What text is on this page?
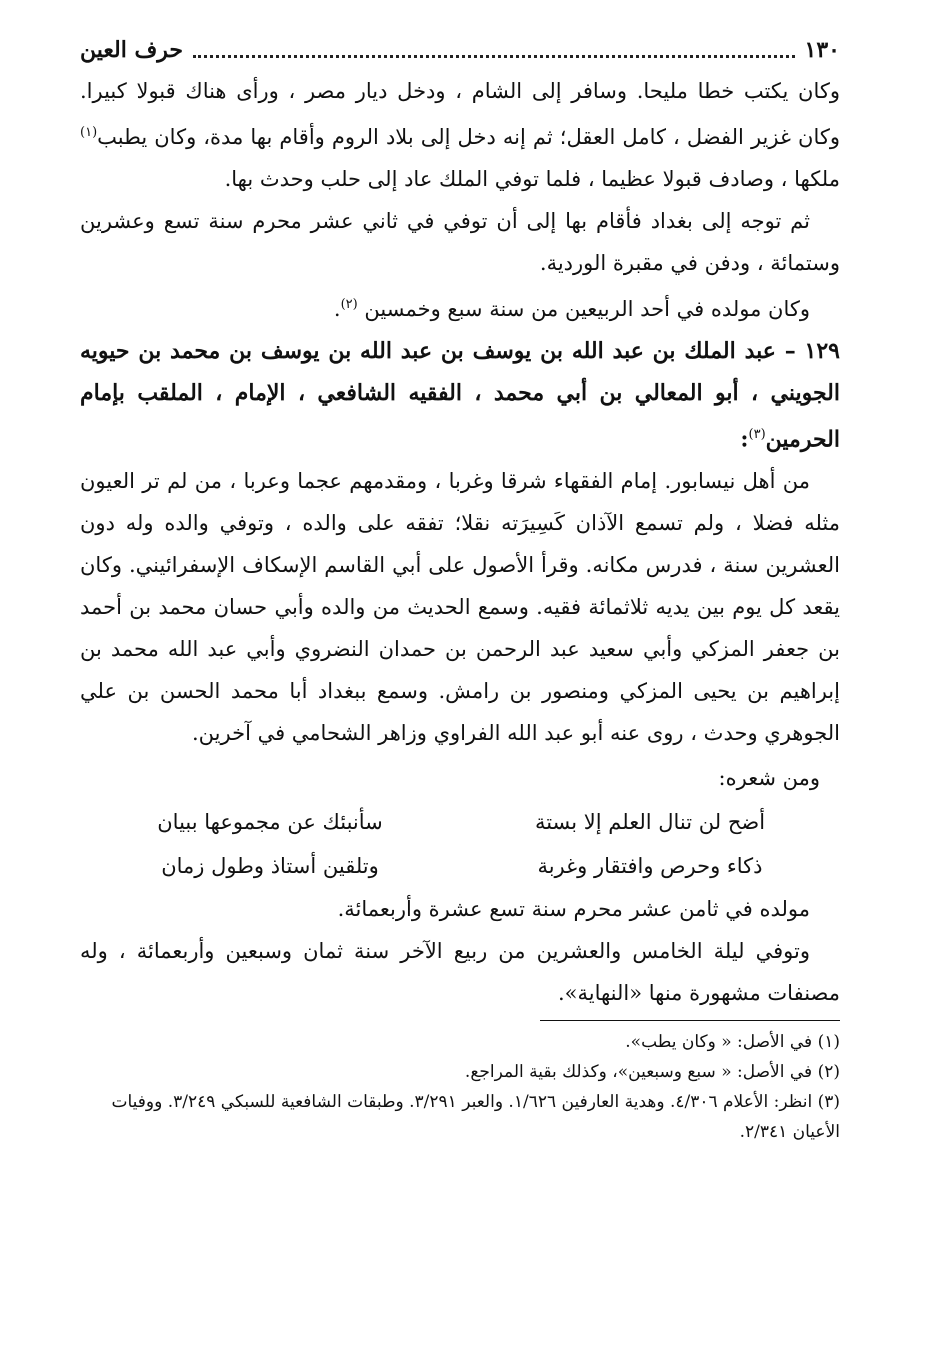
١٣٠
حرف العين

وكان يكتب خطا مليحا. وسافر إلى الشام ، ودخل ديار مصر ، ورأى هناك قبولا كبيرا. وكان غزير الفضل ، كامل العقل؛ ثم إنه دخل إلى بلاد الروم وأقام بها مدة، وكان يطبب$^{(١)}$ ملكها ، وصادف قبولا عظيما ، فلما توفي الملك عاد إلى حلب وحدث بها.

ثم توجه إلى بغداد فأقام بها إلى أن توفي في ثاني عشر محرم سنة تسع وعشرين وستمائة ، ودفن في مقبرة الوردية.

وكان مولده في أحد الربيعين من سنة سبع وخمسين $^{(٢)}$.

١٢٩ – عبد الملك بن عبد الله بن يوسف بن عبد الله بن يوسف بن محمد بن حيويه الجويني ، أبو المعالي بن أبي محمد ، الفقيه الشافعي ، الإمام ، الملقب بإمام الحرمين$^{(٣)}$:

من أهل نيسابور. إمام الفقهاء شرقا وغربا ، ومقدمهم عجما وعربا ، من لم تر العيون مثله فضلا ، ولم تسمع الآذان كَسِيرَته نقلا؛ تفقه على والده ، وتوفي والده وله دون العشرين سنة ، فدرس مكانه. وقرأ الأصول على أبي القاسم الإسكاف الإسفرائيني. وكان يقعد كل يوم بين يديه ثلاثمائة فقيه. وسمع الحديث من والده وأبي حسان محمد بن أحمد بن جعفر المزكي وأبي سعيد عبد الرحمن بن حمدان النضروي وأبي عبد الله محمد بن إبراهيم بن يحيى المزكي ومنصور بن رامش. وسمع ببغداد أبا محمد الحسن بن علي الجوهري وحدث ، روى عنه أبو عبد الله الفراوي وزاهر الشحامي في آخرين.

ومن شعره:
أضح لن تنال العلم إلا بستة
سأنبئك عن مجموعها ببيان
ذكاء وحرص وافتقار وغربة
وتلقين أستاذ وطول زمان

مولده في ثامن عشر محرم سنة تسع عشرة وأربعمائة.

وتوفي ليلة الخامس والعشرين من ربيع الآخر سنة ثمان وسبعين وأربعمائة ، وله مصنفات مشهورة منها «النهاية».

(١) في الأصل: « وكان يطب».

(٢) في الأصل: « سبع وسبعين»، وكذلك بقية المراجع.

(٣) انظر: الأعلام ٤/٣٠٦. وهدية العارفين ١/٦٢٦. والعبر ٣/٢٩١. وطبقات الشافعية للسبكي ٣/٢٤٩. ووفيات الأعيان ٢/٣٤١.
